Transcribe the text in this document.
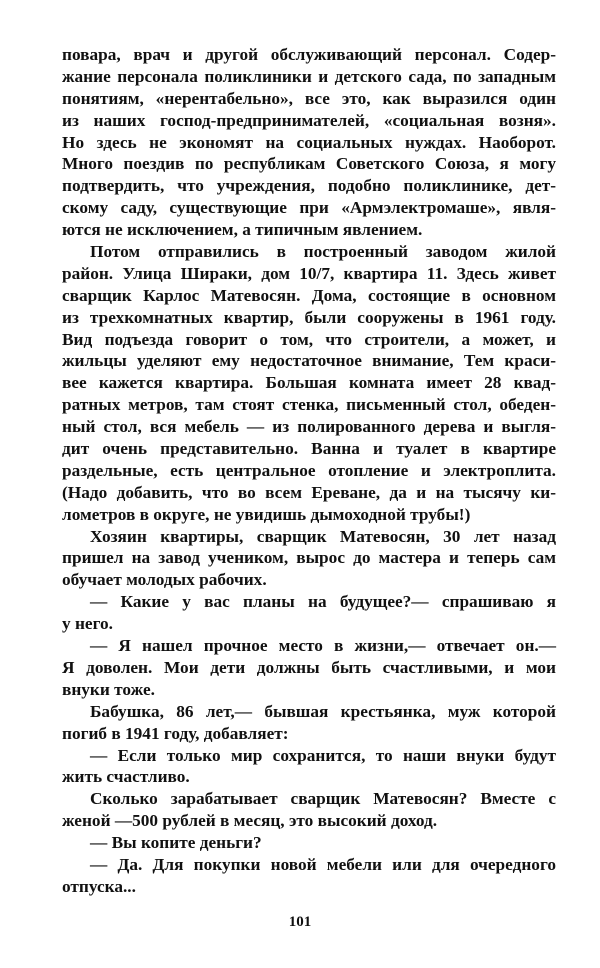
повара, врач и другой обслуживающий персонал. Содер-
жание персонала поликлиники и детского сада, по западным
понятиям, «нерентабельно», все это, как выразился один
из наших господ-предпринимателей, «социальная возня».
Но здесь не экономят на социальных нуждах. Наоборот.
Много поездив по республикам Советского Союза, я могу
подтвердить, что учреждения, подобно поликлинике, дет-
скому саду, существующие при «Армэлектромаше», явля-
ются не исключением, а типичным явлением.
Потом отправились в построенный заводом жилой
район. Улица Шираки, дом 10/7, квартира 11. Здесь живет
сварщик Карлос Матевосян. Дома, состоящие в основном
из трехкомнатных квартир, были сооружены в 1961 году.
Вид подъезда говорит о том, что строители, а может, и
жильцы уделяют ему недостаточное внимание, Тем краси-
вее кажется квартира. Большая комната имеет 28 квад-
ратных метров, там стоят стенка, письменный стол, обеден-
ный стол, вся мебель — из полированного дерева и выгля-
дит очень представительно. Ванна и туалет в квартире
раздельные, есть центральное отопление и электроплита.
(Надо добавить, что во всем Ереване, да и на тысячу ки-
лометров в округе, не увидишь дымоходной трубы!)
Хозяин квартиры, сварщик Матевосян, 30 лет назад
пришел на завод учеником, вырос до мастера и теперь сам
обучает молодых рабочих.
— Какие у вас планы на будущее?— спрашиваю я
у него.
— Я нашел прочное место в жизни,— отвечает он.—
Я доволен. Мои дети должны быть счастливыми, и мои
внуки тоже.
Бабушка, 86 лет,— бывшая крестьянка, муж которой
погиб в 1941 году, добавляет:
— Если только мир сохранится, то наши внуки будут
жить счастливо.
Сколько зарабатывает сварщик Матевосян? Вместе с
женой —500 рублей в месяц, это высокий доход.
— Вы копите деньги?
— Да. Для покупки новой мебели или для очередного
отпуска...
101
